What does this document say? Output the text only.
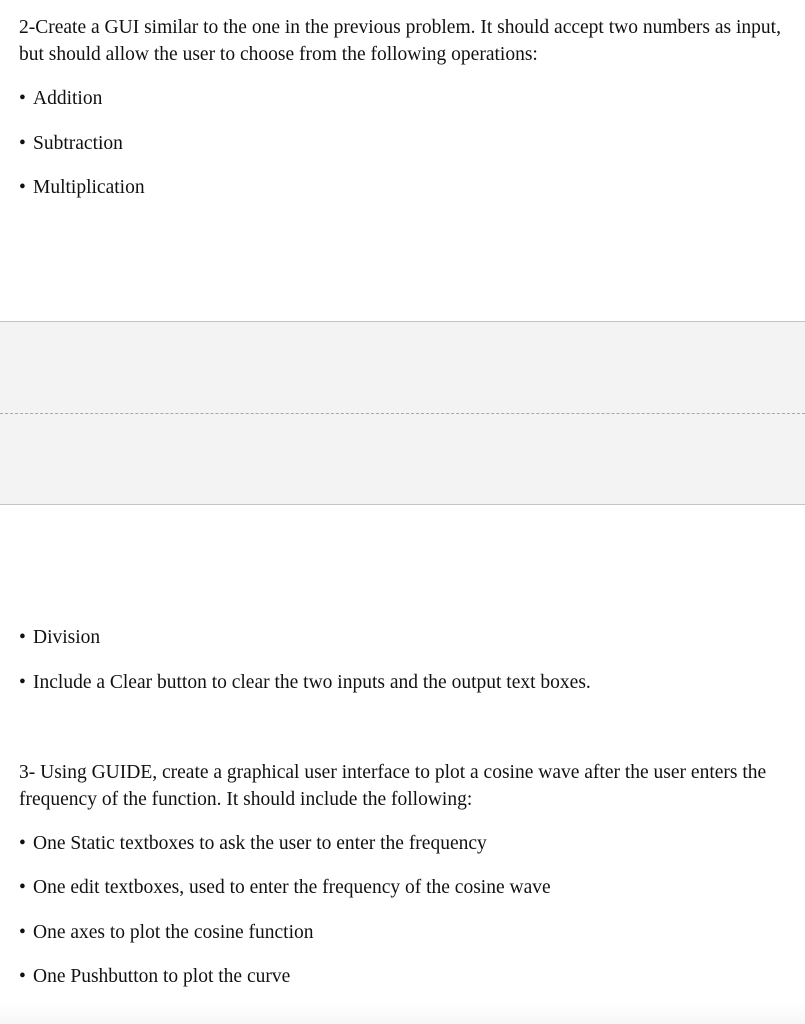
2-Create a GUI similar to the one in the previous problem. It should accept two numbers as input, but should allow the user to choose from the following operations:

• Addition

• Subtraction

• Multiplication

• Division

• Include a Clear button to clear the two inputs and the output text boxes.

3- Using GUIDE, create a graphical user interface to plot a cosine wave after the user enters the frequency of the function. It should include the following:

• One Static textboxes to ask the user to enter the frequency

• One edit textboxes, used to enter the frequency of the cosine wave

• One axes to plot the cosine function

• One Pushbutton to plot the curve
